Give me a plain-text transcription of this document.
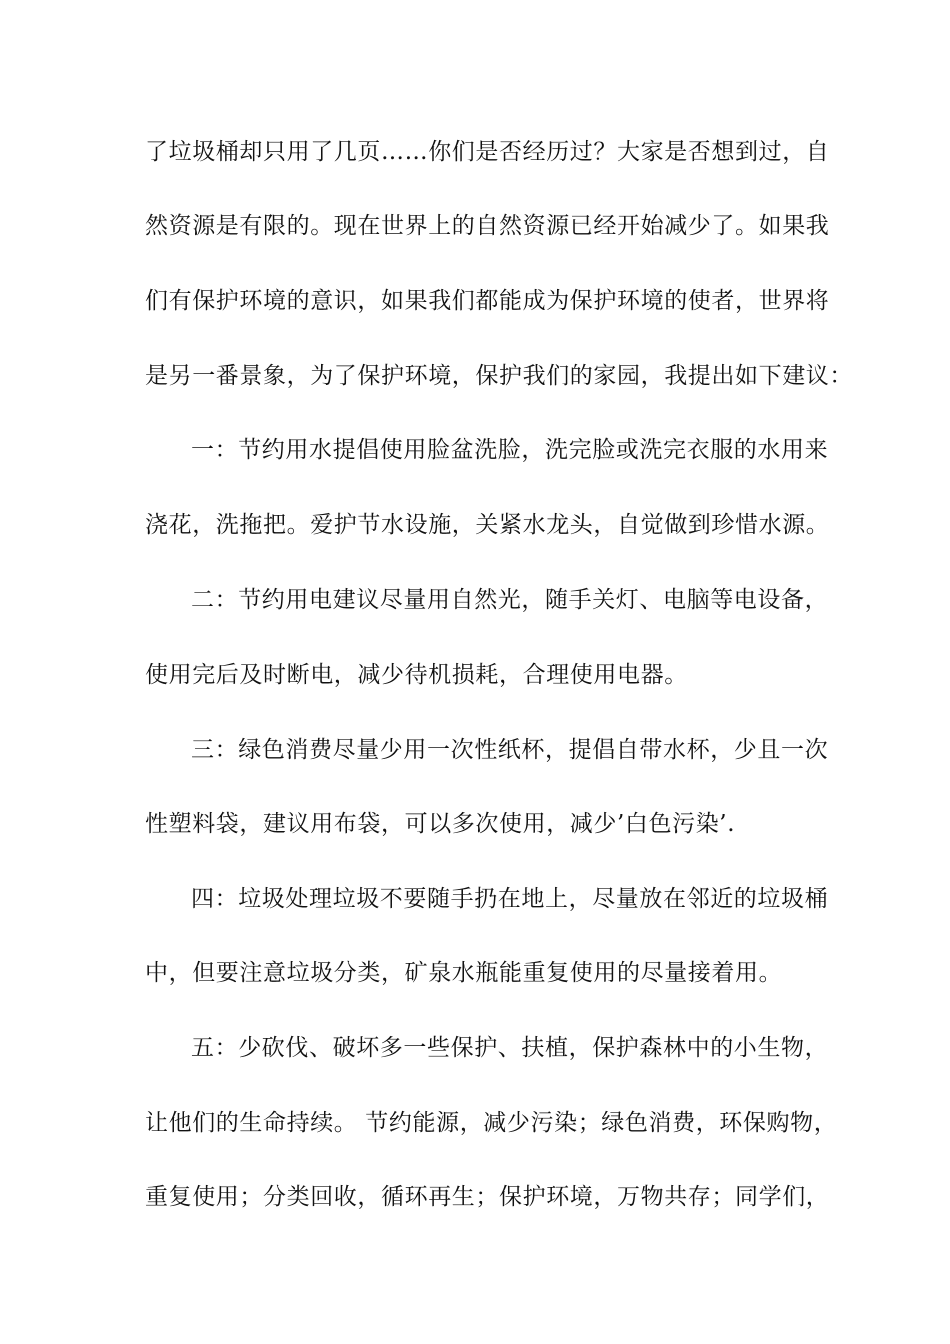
了垃圾桶却只用了几页……你们是否经历过？大家是否想到过，自
然资源是有限的。现在世界上的自然资源已经开始减少了。如果我
们有保护环境的意识，如果我们都能成为保护环境的使者，世界将
是另一番景象，为了保护环境，保护我们的家园，我提出如下建议：
一：节约用水提倡使用脸盆洗脸，洗完脸或洗完衣服的水用来
浇花，洗拖把。爱护节水设施，关紧水龙头，自觉做到珍惜水源。
二：节约用电建议尽量用自然光，随手关灯、电脑等电设备，
使用完后及时断电，减少待机损耗，合理使用电器。
三：绿色消费尽量少用一次性纸杯，提倡自带水杯，少且一次
性塑料袋，建议用布袋，可以多次使用，减少’白色污染’.
四：垃圾处理垃圾不要随手扔在地上，尽量放在邻近的垃圾桶
中，但要注意垃圾分类，矿泉水瓶能重复使用的尽量接着用。
五：少砍伐、破坏多一些保护、扶植，保护森林中的小生物，
让他们的生命持续。 节约能源，减少污染；绿色消费，环保购物，
重复使用；分类回收，循环再生；保护环境，万物共存；同学们，
